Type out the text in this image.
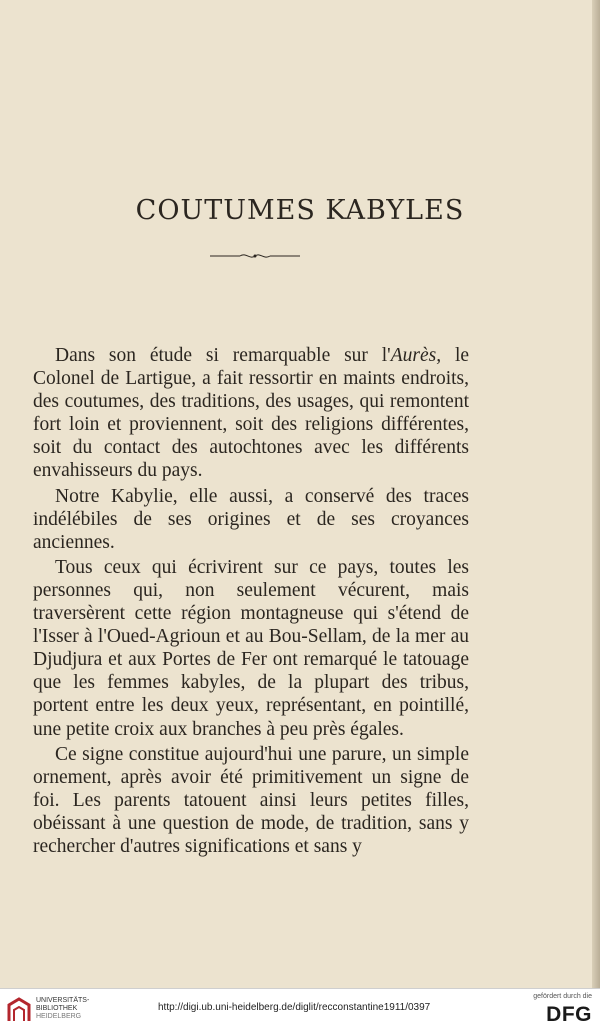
COUTUMES KABYLES

Dans son étude si remarquable sur l'Aurès, le Colonel de Lartigue, a fait ressortir en maints endroits, des coutumes, des traditions, des usages, qui remontent fort loin et proviennent, soit des religions différentes, soit du contact des autochtones avec les différents envahisseurs du pays.

Notre Kabylie, elle aussi, a conservé des traces indélébiles de ses origines et de ses croyances anciennes.

Tous ceux qui écrivirent sur ce pays, toutes les personnes qui, non seulement vécurent, mais traversèrent cette région montagneuse qui s'étend de l'Isser à l'Oued-Agrioun et au Bou-Sellam, de la mer au Djudjura et aux Portes de Fer ont remarqué le tatouage que les femmes kabyles, de la plupart des tribus, portent entre les deux yeux, représentant, en pointillé, une petite croix aux branches à peu près égales.

Ce signe constitue aujourd'hui une parure, un simple ornement, après avoir été primitivement un signe de foi. Les parents tatouent ainsi leurs petites filles, obéissant à une question de mode, de tradition, sans y rechercher d'autres significations et sans y

UNIVERSITÄTS-
BIBLIOTHEK
HEIDELBERG
http://digi.ub.uni-heidelberg.de/diglit/recconstantine1911/0397
gefördert durch die
DFG
